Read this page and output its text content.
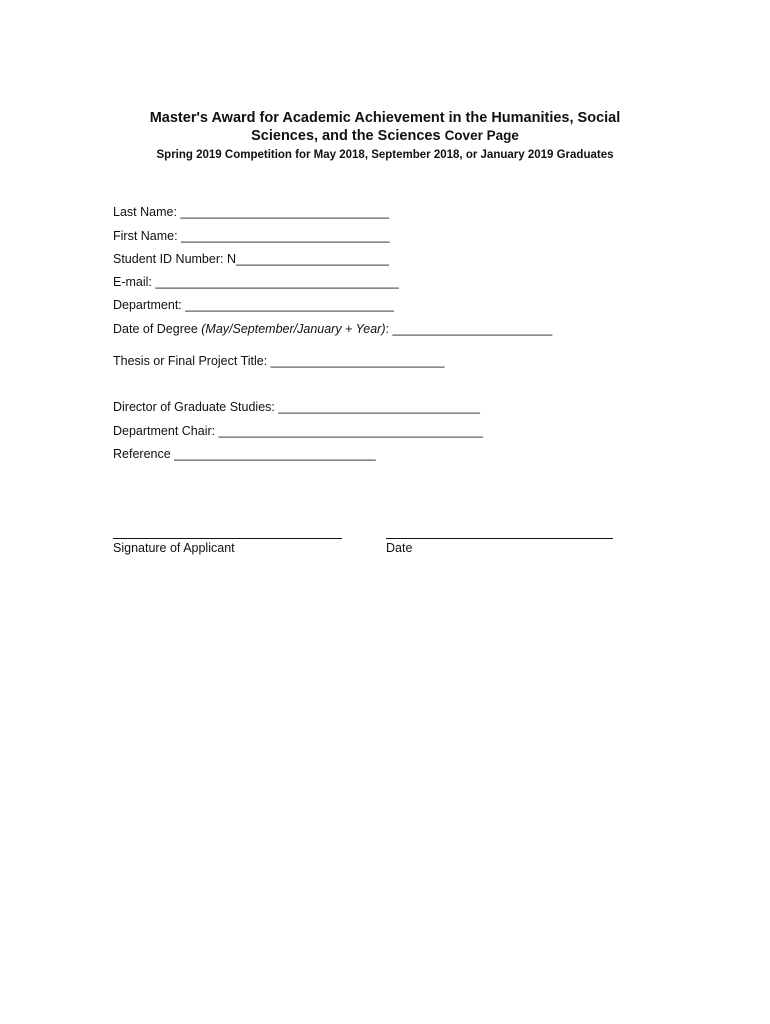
Master's Award for Academic Achievement in the Humanities, Social
Sciences, and the Sciences Cover Page
Spring 2019 Competition for May 2018, September 2018, or January 2019 Graduates
Last Name: ______________________________
First Name: ______________________________
Student ID Number: N______________________
E-mail: ___________________________________
Department: ______________________________
Date of Degree (May/September/January + Year): _______________________
Thesis or Final Project Title: _________________________
Director of Graduate Studies: _____________________________
Department Chair: ______________________________________
Reference _____________________________
Signature of Applicant	Date
